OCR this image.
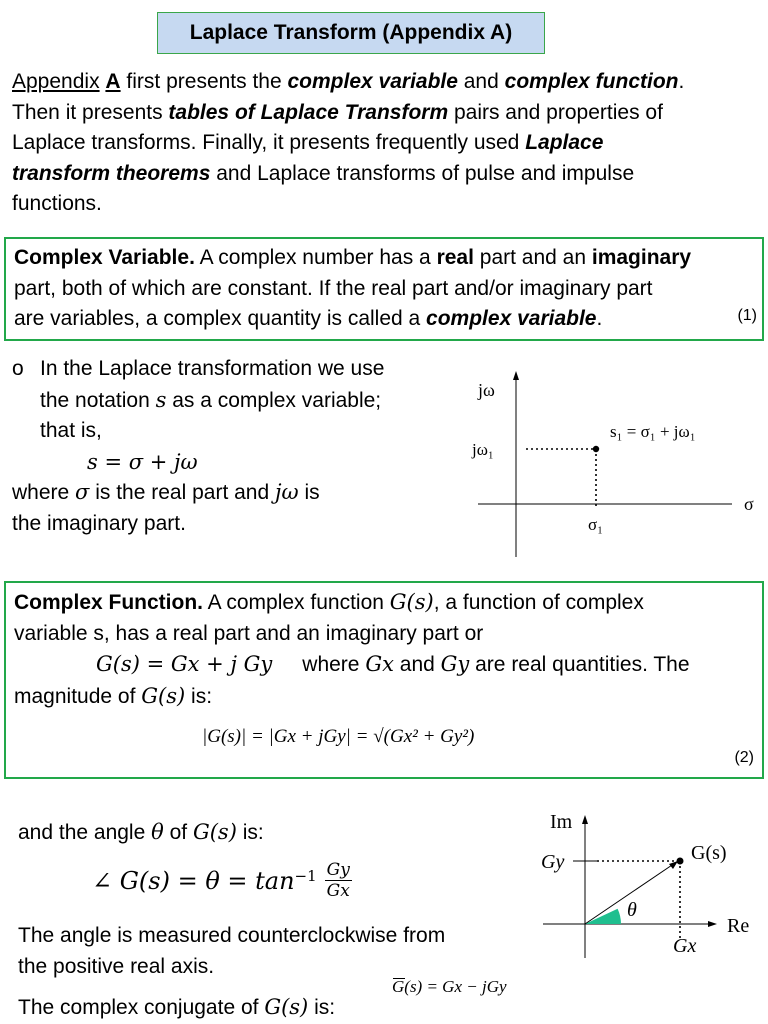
Laplace Transform (Appendix A)
Appendix A first presents the complex variable and complex function.
Then it presents tables of Laplace Transform pairs and properties of
Laplace transforms. Finally, it presents frequently used Laplace
transform theorems and Laplace transforms of pulse and impulse
functions.
Complex Variable. A complex number has a real part and an imaginary
part, both of which are constant. If the real part and/or imaginary part
are variables, a complex quantity is called a complex variable.	(1)
o In the Laplace transformation we use
the notation s as a complex variable;
that is,
s = σ + jω
where σ is the real part and jω is
the imaginary part.
jω
σ
s₁ = σ₁ + jω₁
jω₁
σ₁
Complex Function. A complex function G(s), a function of complex
variable s, has a real part and an imaginary part or
G(s) = Gx + j Gy where Gx and Gy are real quantities. The
magnitude of G(s) is:
|G(s)| = |Gx + jGy| = √(Gx² + Gy²)
(2)
and the angle θ of G(s) is:
∠ $G(s) = \theta = \tan^{-1} Gy$
Gx
The angle is measured counterclockwise from
the positive real axis.
The complex conjugate of G(s) is:
G(s) = Gx − jGy
Im
Re
G(s)
Gy
Gx
θ
